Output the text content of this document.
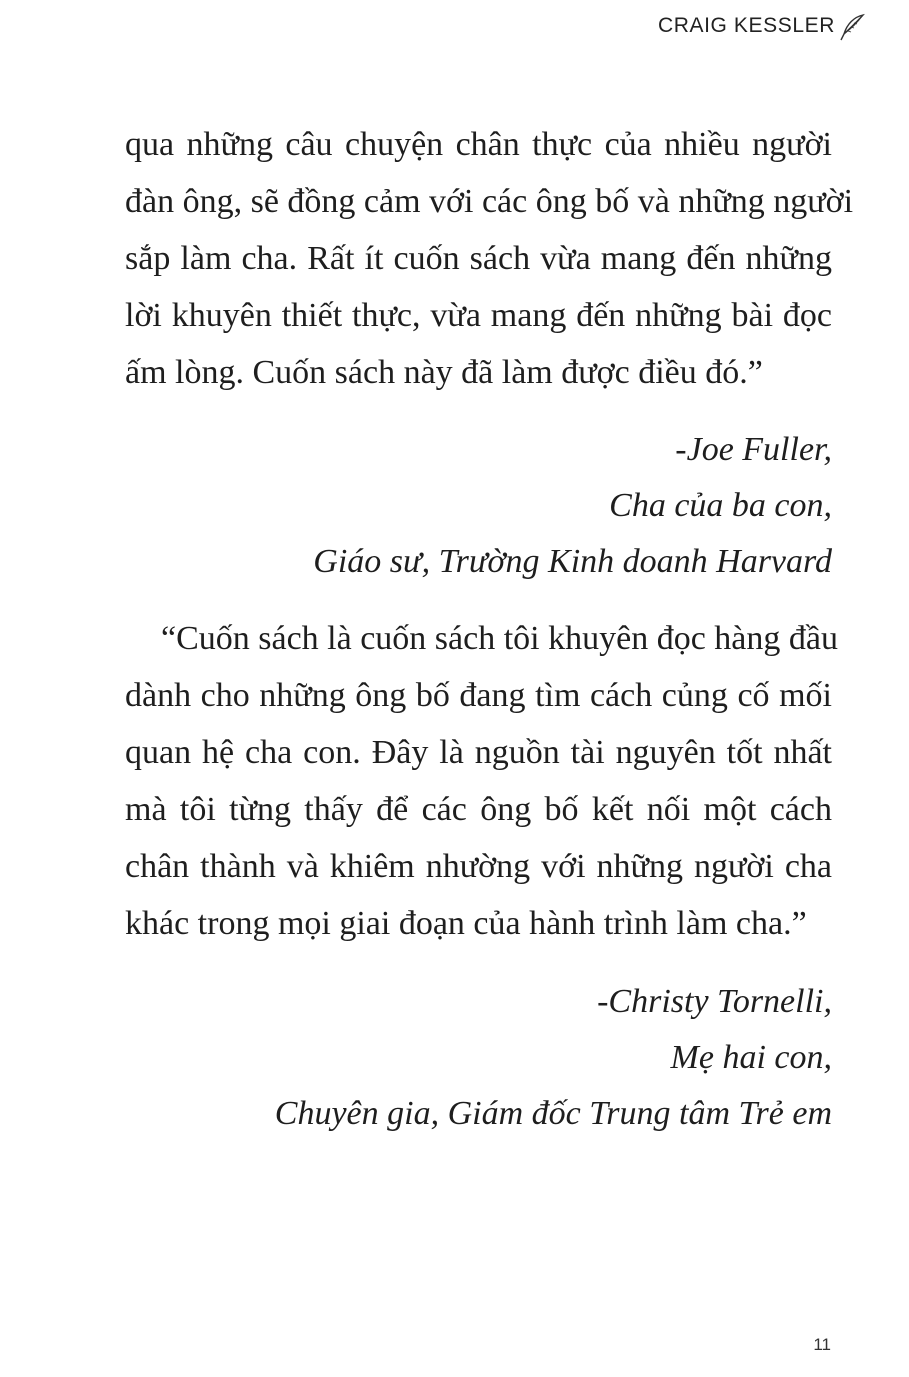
CRAIG KESSLER
qua những câu chuyện chân thực của nhiều người
đàn ông, sẽ đồng cảm với các ông bố và những người
sắp làm cha. Rất ít cuốn sách vừa mang đến những
lời khuyên thiết thực, vừa mang đến những bài đọc
ấm lòng. Cuốn sách này đã làm được điều đó.”
-Joe Fuller,
Cha của ba con,
Giáo sư, Trường Kinh doanh Harvard
“Cuốn sách là cuốn sách tôi khuyên đọc hàng đầu
dành cho những ông bố đang tìm cách củng cố mối
quan hệ cha con. Đây là nguồn tài nguyên tốt nhất
mà tôi từng thấy để các ông bố kết nối một cách
chân thành và khiêm nhường với những người cha
khác trong mọi giai đoạn của hành trình làm cha.”
-Christy Tornelli,
Mẹ hai con,
Chuyên gia, Giám đốc Trung tâm Trẻ em
11
